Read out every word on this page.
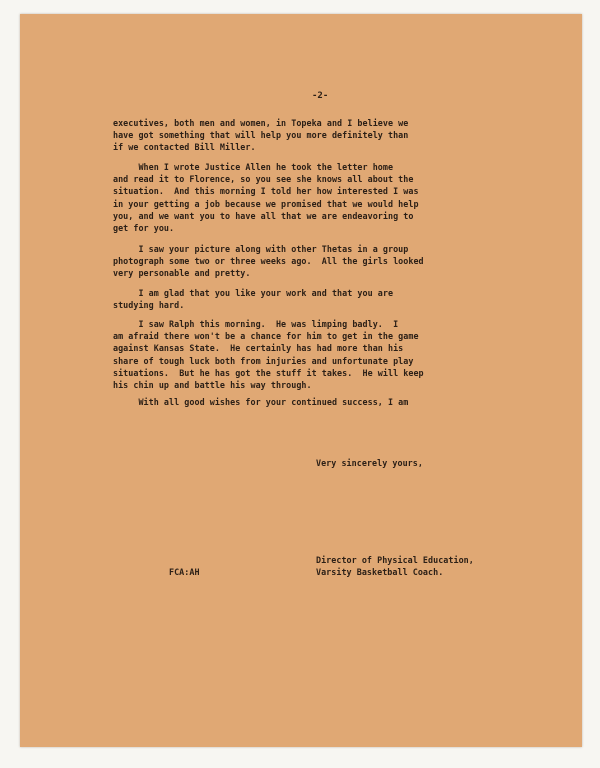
-2-

executives, both men and women, in Topeka and I believe we

have got something that will help you more definitely than

if we contacted Bill Miller.

When I wrote Justice Allen he took the letter home

and read it to Florence, so you see she knows all about the

situation.  And this morning I told her how interested I was

in your getting a job because we promised that we would help

you, and we want you to have all that we are endeavoring to

get for you.

I saw your picture along with other Thetas in a group

photograph some two or three weeks ago.  All the girls looked

very personable and pretty.

I am glad that you like your work and that you are

studying hard.

I saw Ralph this morning.  He was limping badly.  I

am afraid there won't be a chance for him to get in the game

against Kansas State.  He certainly has had more than his

share of tough luck both from injuries and unfortunate play

situations.  But he has got the stuff it takes.  He will keep

his chin up and battle his way through.

With all good wishes for your continued success, I am

Very sincerely yours,

FCA:AH

Director of Physical Education,

Varsity Basketball Coach.
